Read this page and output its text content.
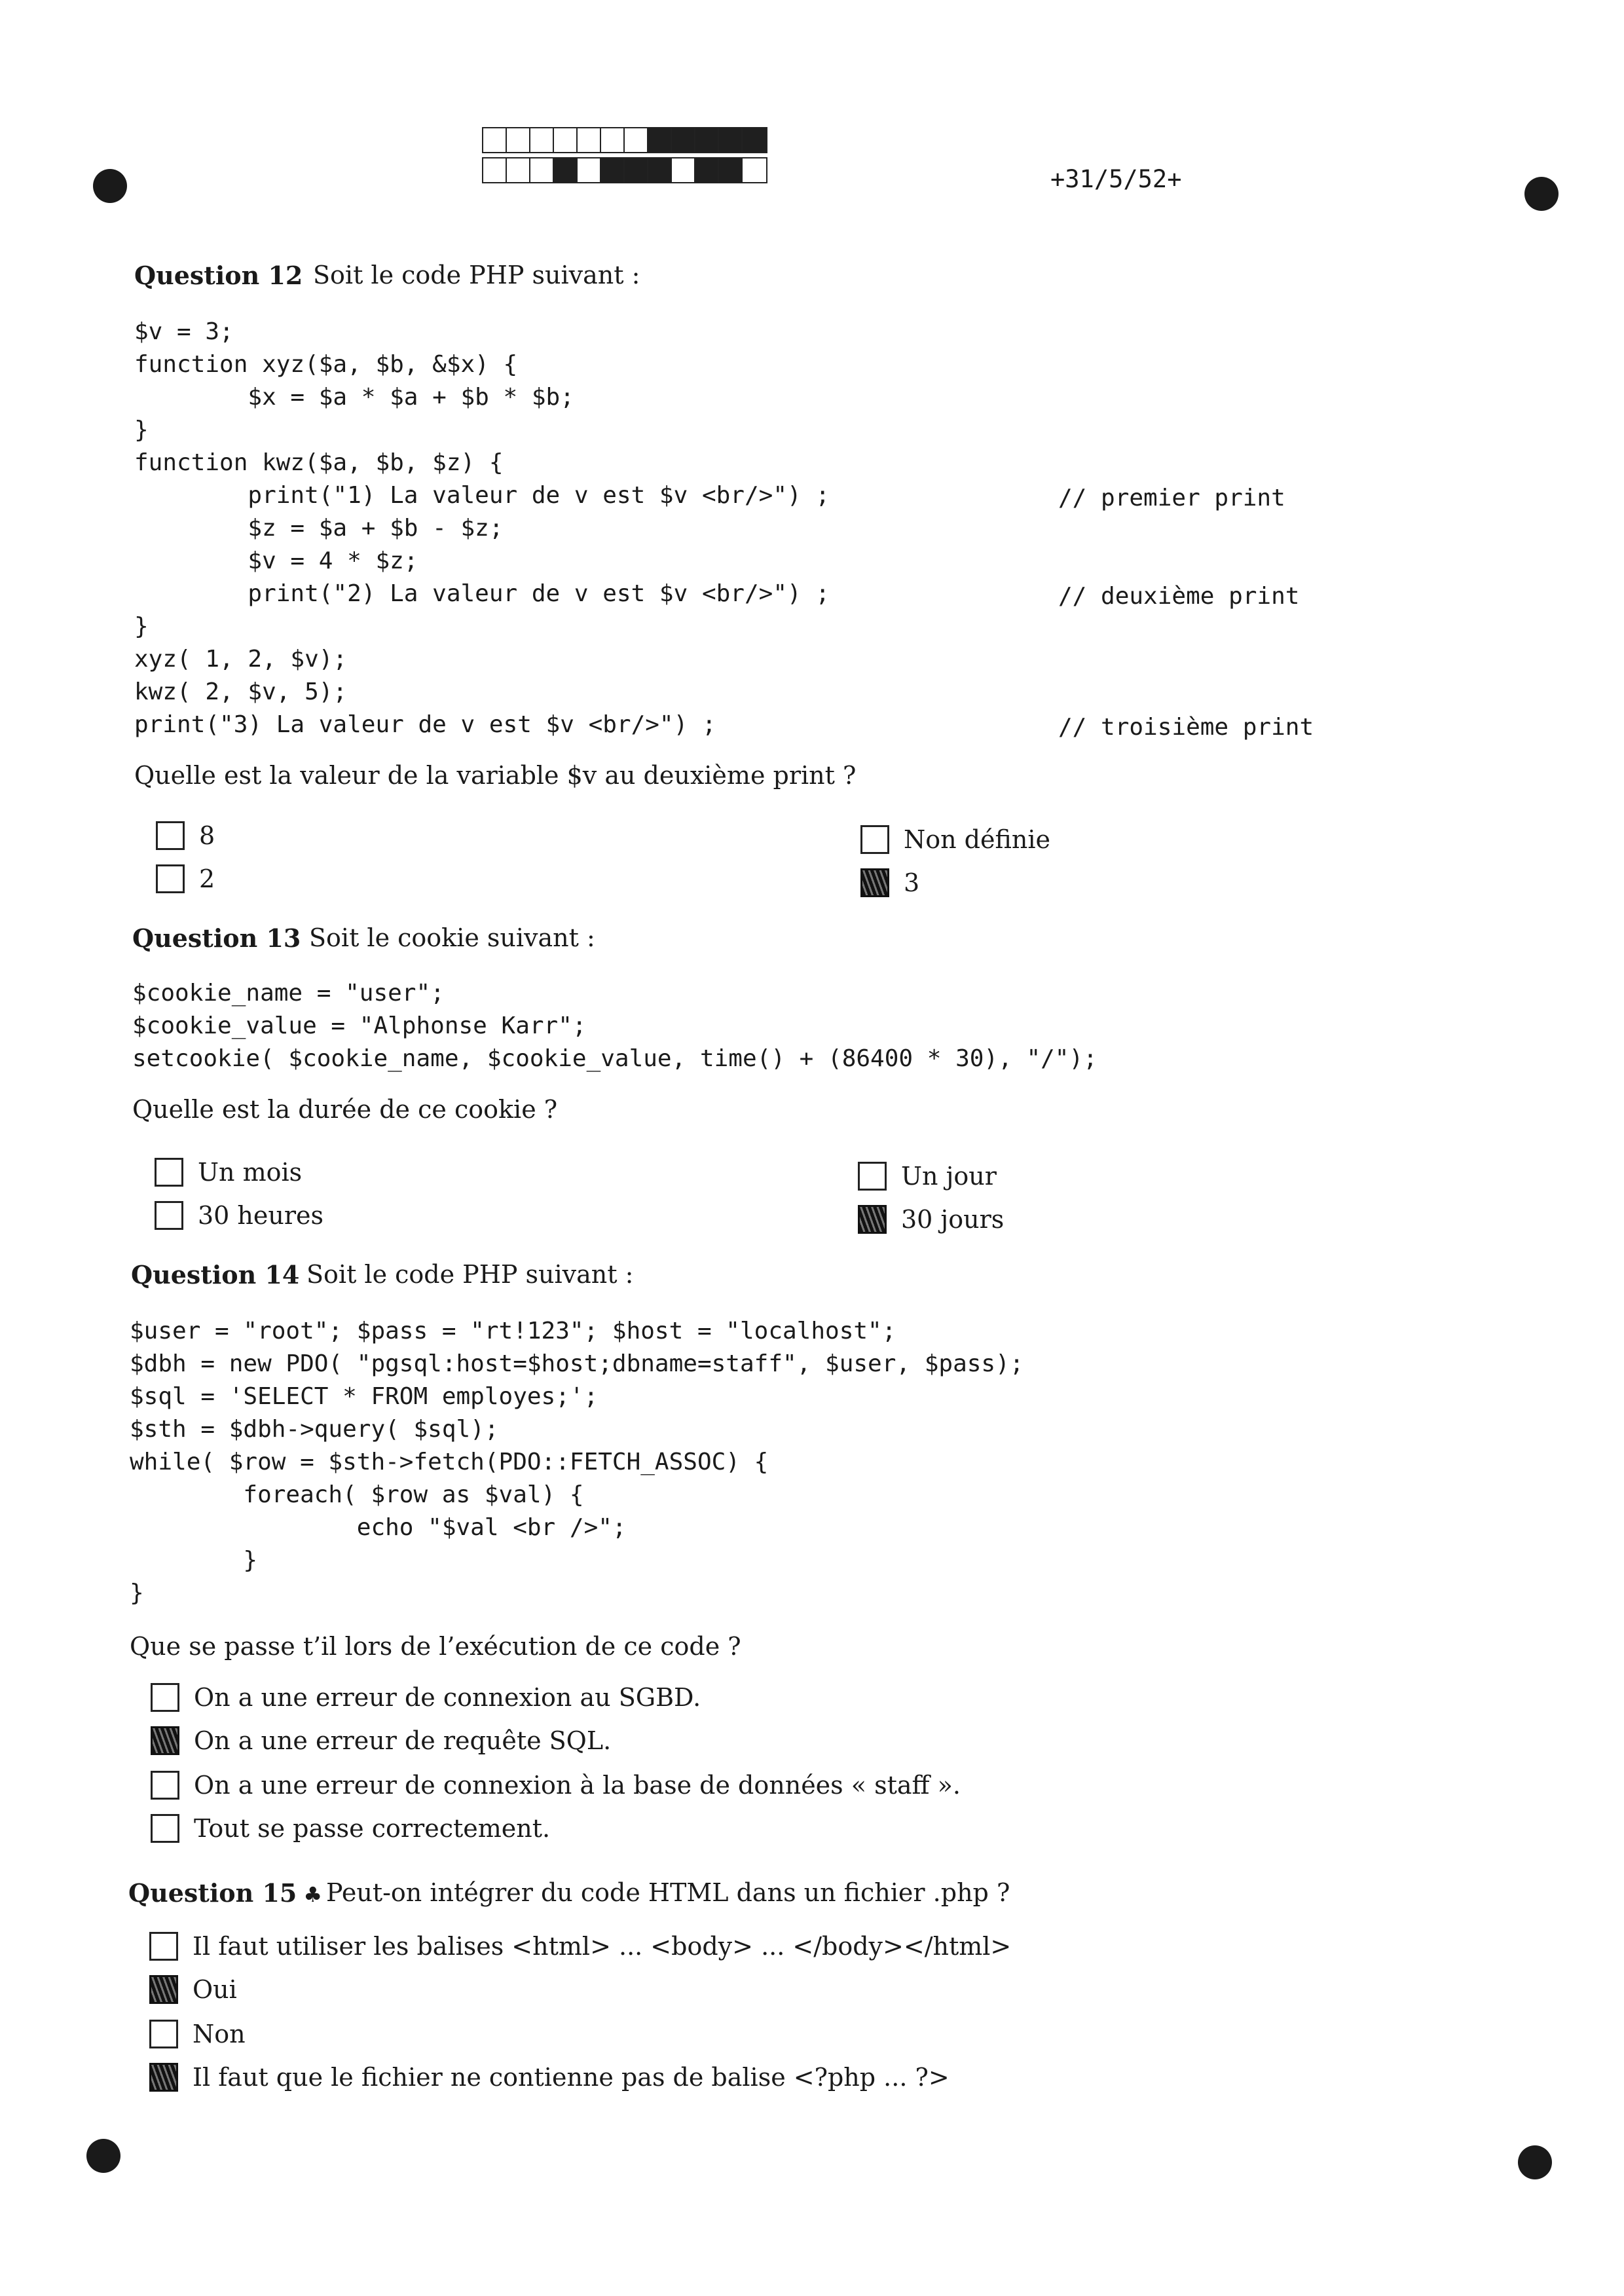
+31/5/52+
Question 12 Soit le code PHP suivant :
$v = 3;
function xyz($a, $b, &$x) {
$x = $a * $a + $b * $b;
}
function kwz($a, $b, $z) {
print("1) La valeur de v est $v <br/>") ;
$z = $a + $b - $z;
$v = 4 * $z;
print("2) La valeur de v est $v <br/>") ;
}
xyz( 1, 2, $v);
kwz( 2, $v, 5);
print("3) La valeur de v est $v <br/>") ;
// premier print
// deuxième print
// troisième print
Quelle est la valeur de la variable $v au deuxième print ?
8
2
Non définie
3
Question 13 Soit le cookie suivant :
$cookie_name = "user";
$cookie_value = "Alphonse Karr";
setcookie( $cookie_name, $cookie_value, time() + (86400 * 30), "/");
Quelle est la durée de ce cookie ?
Un mois
30 heures
Un jour
30 jours
Question 14 Soit le code PHP suivant :
$user = "root"; $pass = "rt!123"; $host = "localhost";
$dbh = new PDO( "pgsql:host=$host;dbname=staff", $user, $pass);
$sql = 'SELECT * FROM employes;';
$sth = $dbh->query( $sql);
while( $row = $sth->fetch(PDO::FETCH_ASSOC) {
foreach( $row as $val) {
echo "$val <br />";
}
}
Que se passe t’il lors de l’exécution de ce code ?
On a une erreur de connexion au SGBD.
On a une erreur de requête SQL.
On a une erreur de connexion à la base de données « staff ».
Tout se passe correctement.
Question 15 ♣ Peut-on intégrer du code HTML dans un fichier .php ?
Il faut utiliser les balises <html> ... <body> ... </body></html>
Oui
Non
Il faut que le fichier ne contienne pas de balise <?php ... ?>
